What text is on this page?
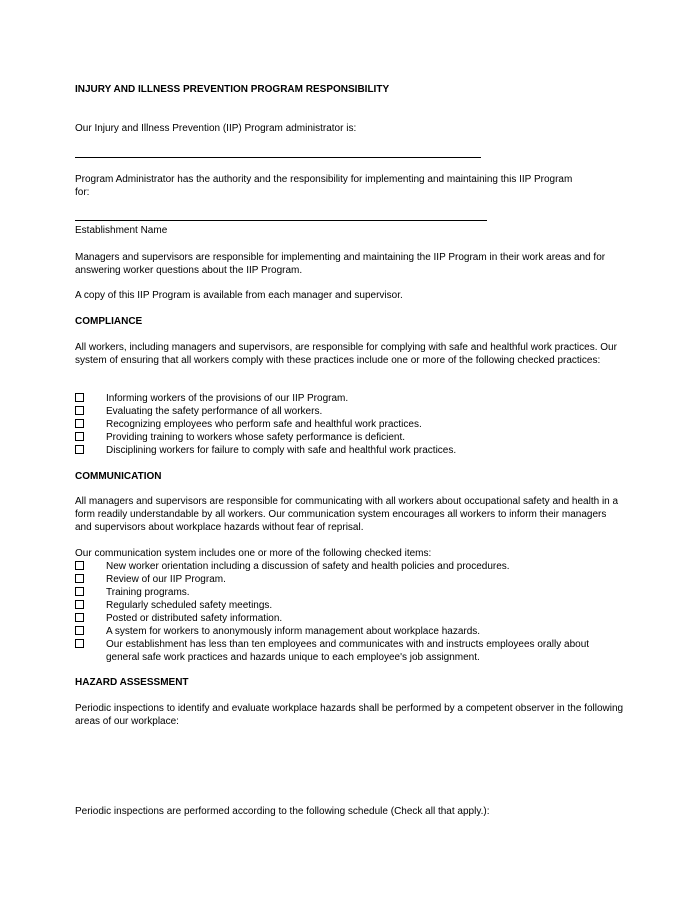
INJURY AND ILLNESS PREVENTION PROGRAM RESPONSIBILITY
Our Injury and Illness Prevention (IIP) Program administrator is:
Program Administrator has the authority and the responsibility for implementing and maintaining this IIP Program for:
Establishment Name
Managers and supervisors are responsible for implementing and maintaining the IIP Program in their work areas and for answering worker questions about the IIP Program.
A copy of this IIP Program is available from each manager and supervisor.
COMPLIANCE
All workers, including managers and supervisors, are responsible for complying with safe and healthful work practices. Our system of ensuring that all workers comply with these practices include one or more of the following checked practices:
Informing workers of the provisions of our IIP Program.
Evaluating the safety performance of all workers.
Recognizing employees who perform safe and healthful work practices.
Providing training to workers whose safety performance is deficient.
Disciplining workers for failure to comply with safe and healthful work practices.
COMMUNICATION
All managers and supervisors are responsible for communicating with all workers about occupational safety and health in a form readily understandable by all workers. Our communication system encourages all workers to inform their managers and supervisors about workplace hazards without fear of reprisal.
Our communication system includes one or more of the following checked items:
New worker orientation including a discussion of safety and health policies and procedures.
Review of our IIP Program.
Training programs.
Regularly scheduled safety meetings.
Posted or distributed safety information.
A system for workers to anonymously inform management about workplace hazards.
Our establishment has less than ten employees and communicates with and instructs employees orally about general safe work practices and hazards unique to each employee's job assignment.
HAZARD ASSESSMENT
Periodic inspections to identify and evaluate workplace hazards shall be performed by a competent observer in the following areas of our workplace:
Periodic inspections are performed according to the following schedule (Check all that apply.):
